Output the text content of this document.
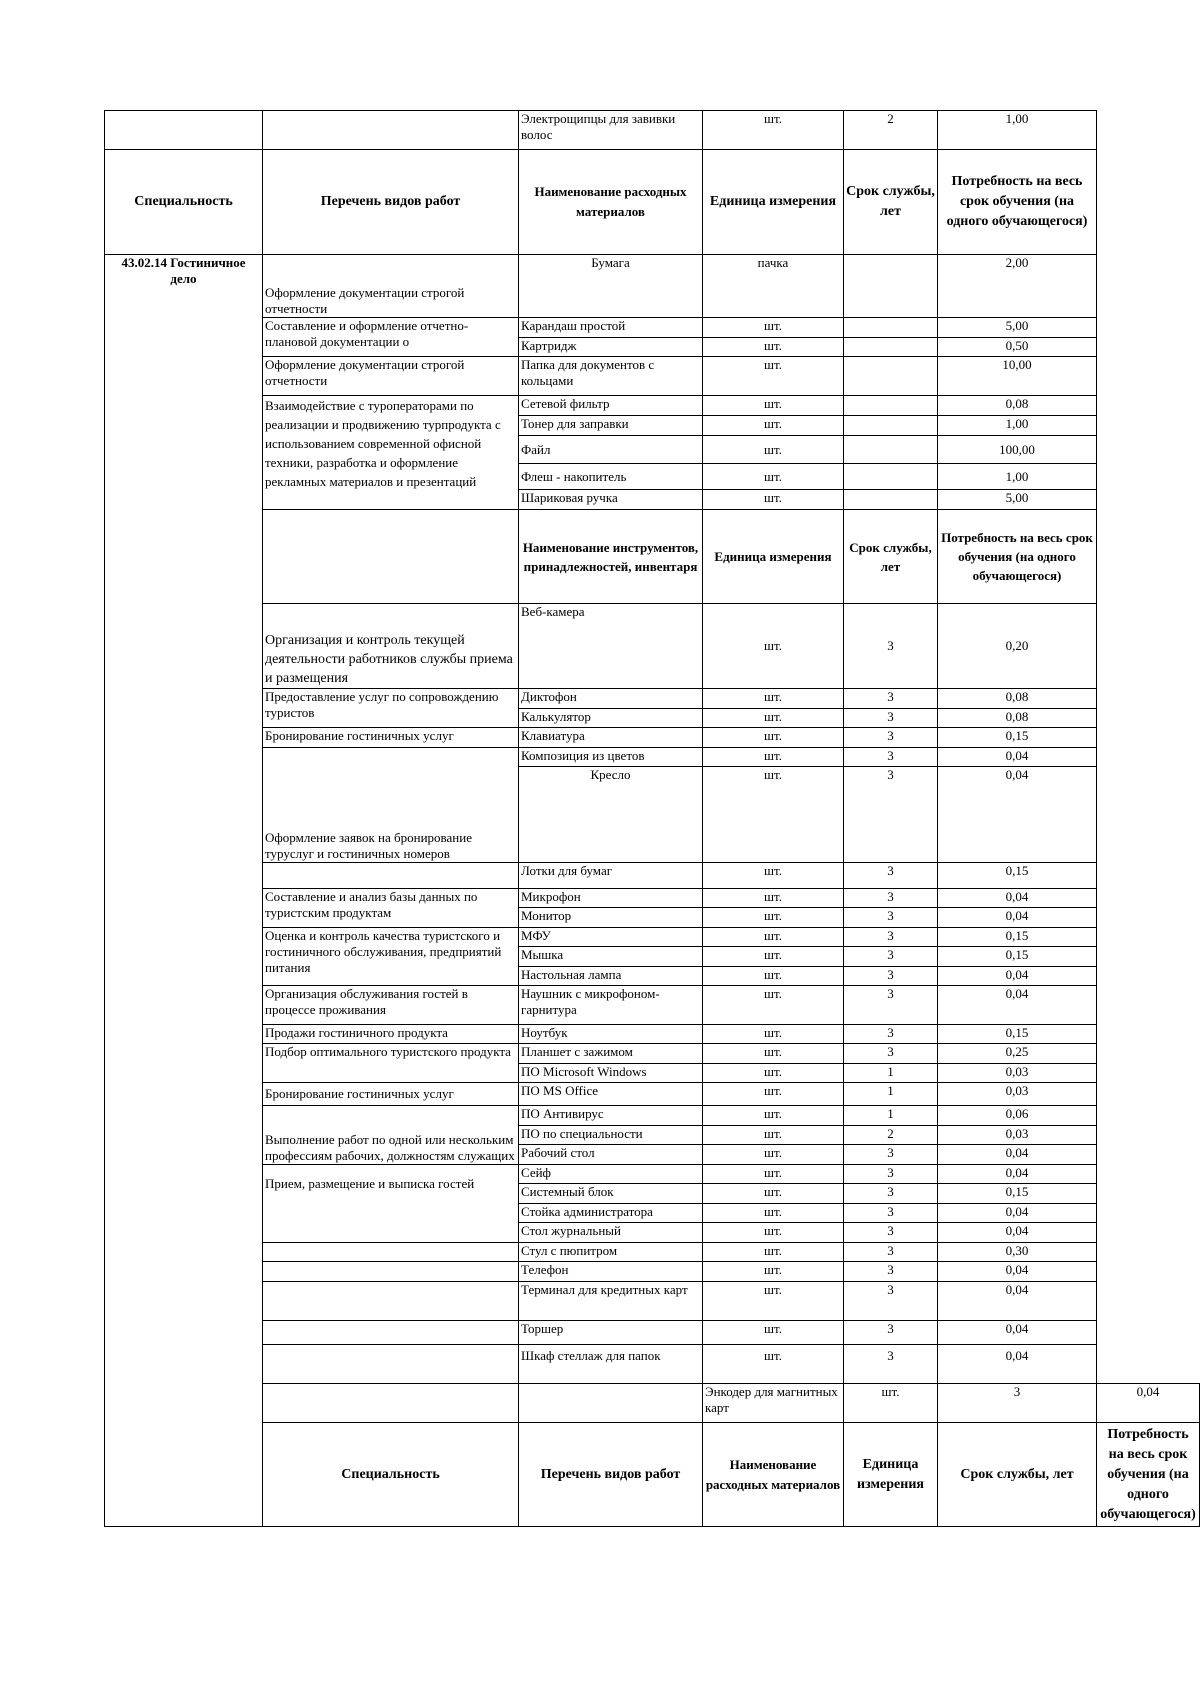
		Электрощипцы для завивки волос	шт.	2	1,00	
Специальность	Перечень видов работ	Наименование расходных материалов	Единица измерения	Срок службы, лет	Потребность на весь срок обучения (на одного обучающегося)	
43.02.14 Гостиничное дело	Оформление документации строгой отчетности	Бумага	пачка		2,00	
	Составление и оформление отчетно-плановой документации о	Карандаш простой	шт.		5,00	
		Картридж	шт.		0,50	
	Оформление документации строгой отчетности	Папка для документов с кольцами	шт.		10,00	
	Взаимодействие с туроператорами по реализации и продвижению турпродукта с использованием современной офисной техники, разработка и оформление рекламных материалов и презентаций	Сетевой фильтр	шт.		0,08	
		Тонер для заправки	шт.		1,00	
		Файл	шт.		100,00	
		Флеш - накопитель	шт.		1,00	
		Шариковая ручка	шт.		5,00	
		Наименование инструментов, принадлежностей, инвентаря	Единица измерения	Срок службы, лет	Потребность на весь срок обучения (на одного обучающегося)	
	Организация и контроль текущей деятельности работников службы приема и размещения	Веб-камера	шт.	3	0,20	
	Предоставление услуг по сопровождению туристов	Диктофон	шт.	3	0,08	
		Калькулятор	шт.	3	0,08	
	Бронирование гостиничных услуг	Клавиатура	шт.	3	0,15	
	Оформление заявок на бронирование туруслуг и гостиничных номеров	Композиция из цветов	шт.	3	0,04	
		Кресло	шт.	3	0,04	
		Лотки для бумаг	шт.	3	0,15	
	Составление и анализ базы данных по туристским продуктам	Микрофон	шт.	3	0,04	
		Монитор	шт.	3	0,04	
	Оценка и контроль качества туристского и гостиничного обслуживания, предприятий питания	МФУ	шт.	3	0,15	
		Мышка	шт.	3	0,15	
		Настольная лампа	шт.	3	0,04	
	Организация обслуживания гостей в процессе проживания	Наушник с микрофоном-гарнитура	шт.	3	0,04	
	Продажи гостиничного продукта	Ноутбук	шт.	3	0,15	
	Подбор оптимального туристского продукта	Планшет с зажимом	шт.	3	0,25	
		ПО Microsoft Windows	шт.	1	0,03	
	Бронирование гостиничных услуг	ПО MS Office	шт.	1	0,03	
	Выполнение работ по одной или нескольким профессиям рабочих, должностям служащих	ПО Антивирус	шт.	1	0,06	
		ПО по специальности	шт.	2	0,03	
		Рабочий стол	шт.	3	0,04	
	Прием, размещение и выписка гостей	Сейф	шт.	3	0,04	
		Системный блок	шт.	3	0,15	
		Стойка администратора	шт.	3	0,04	
		Стол журнальный	шт.	3	0,04	
		Стул с пюпитром	шт.	3	0,30	
		Телефон	шт.	3	0,04	
		Терминал для кредитных карт	шт.	3	0,04	
		Торшер	шт.	3	0,04	
		Шкаф стеллаж для папок	шт.	3	0,04	
			Энкодер для магнитных карт	шт.	3	0,04
	Специальность	Перечень видов работ	Наименование расходных материалов	Единица измерения	Срок службы, лет	Потребность на весь срок обучения (на одного обучающегося)
